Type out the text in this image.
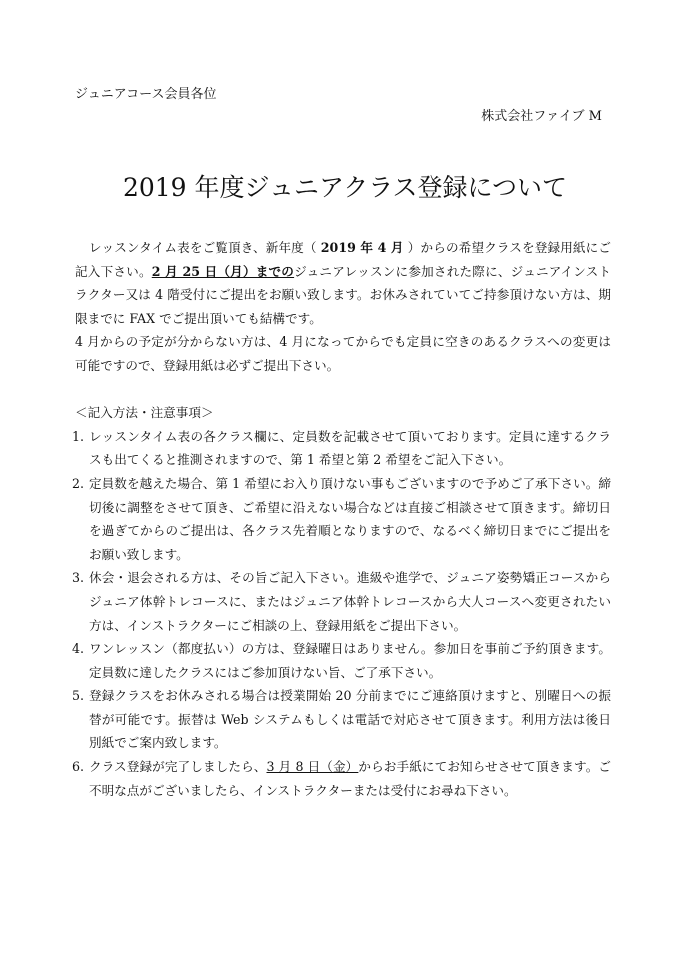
ジュニアコース会員各位
株式会社ファイブ M
2019 年度ジュニアクラス登録について

レッスンタイム表をご覧頂き、新年度（ 2019 年 4 月 ）からの希望クラスを登録用紙にご記入下さい。2 月 25 日（月）までのジュニアレッスンに参加された際に、ジュニアインストラクター又は 4 階受付にご提出をお願い致します。お休みされていてご持参頂けない方は、期限までに FAX でご提出頂いても結構です。

4 月からの予定が分からない方は、4 月になってからでも定員に空きのあるクラスへの変更は可能ですので、登録用紙は必ずご提出下さい。

＜記入方法・注意事項＞

1. レッスンタイム表の各クラス欄に、定員数を記載させて頂いております。定員に達するクラスも出てくると推測されますので、第 1 希望と第 2 希望をご記入下さい。
2. 定員数を越えた場合、第 1 希望にお入り頂けない事もございますので予めご了承下さい。締切後に調整をさせて頂き、ご希望に沿えない場合などは直接ご相談させて頂きます。締切日を過ぎてからのご提出は、各クラス先着順となりますので、なるべく締切日までにご提出をお願い致します。
3. 休会・退会される方は、その旨ご記入下さい。進級や進学で、ジュニア姿勢矯正コースからジュニア体幹トレコースに、またはジュニア体幹トレコースから大人コースへ変更されたい方は、インストラクターにご相談の上、登録用紙をご提出下さい。
4. ワンレッスン（都度払い）の方は、登録曜日はありません。参加日を事前ご予約頂きます。定員数に達したクラスにはご参加頂けない旨、ご了承下さい。
5. 登録クラスをお休みされる場合は授業開始 20 分前までにご連絡頂けますと、別曜日への振替が可能です。振替は Web システムもしくは電話で対応させて頂きます。利用方法は後日別紙でご案内致します。
6. クラス登録が完了しましたら、3 月 8 日（金）からお手紙にてお知らせさせて頂きます。ご不明な点がございましたら、インストラクターまたは受付にお尋ね下さい。
